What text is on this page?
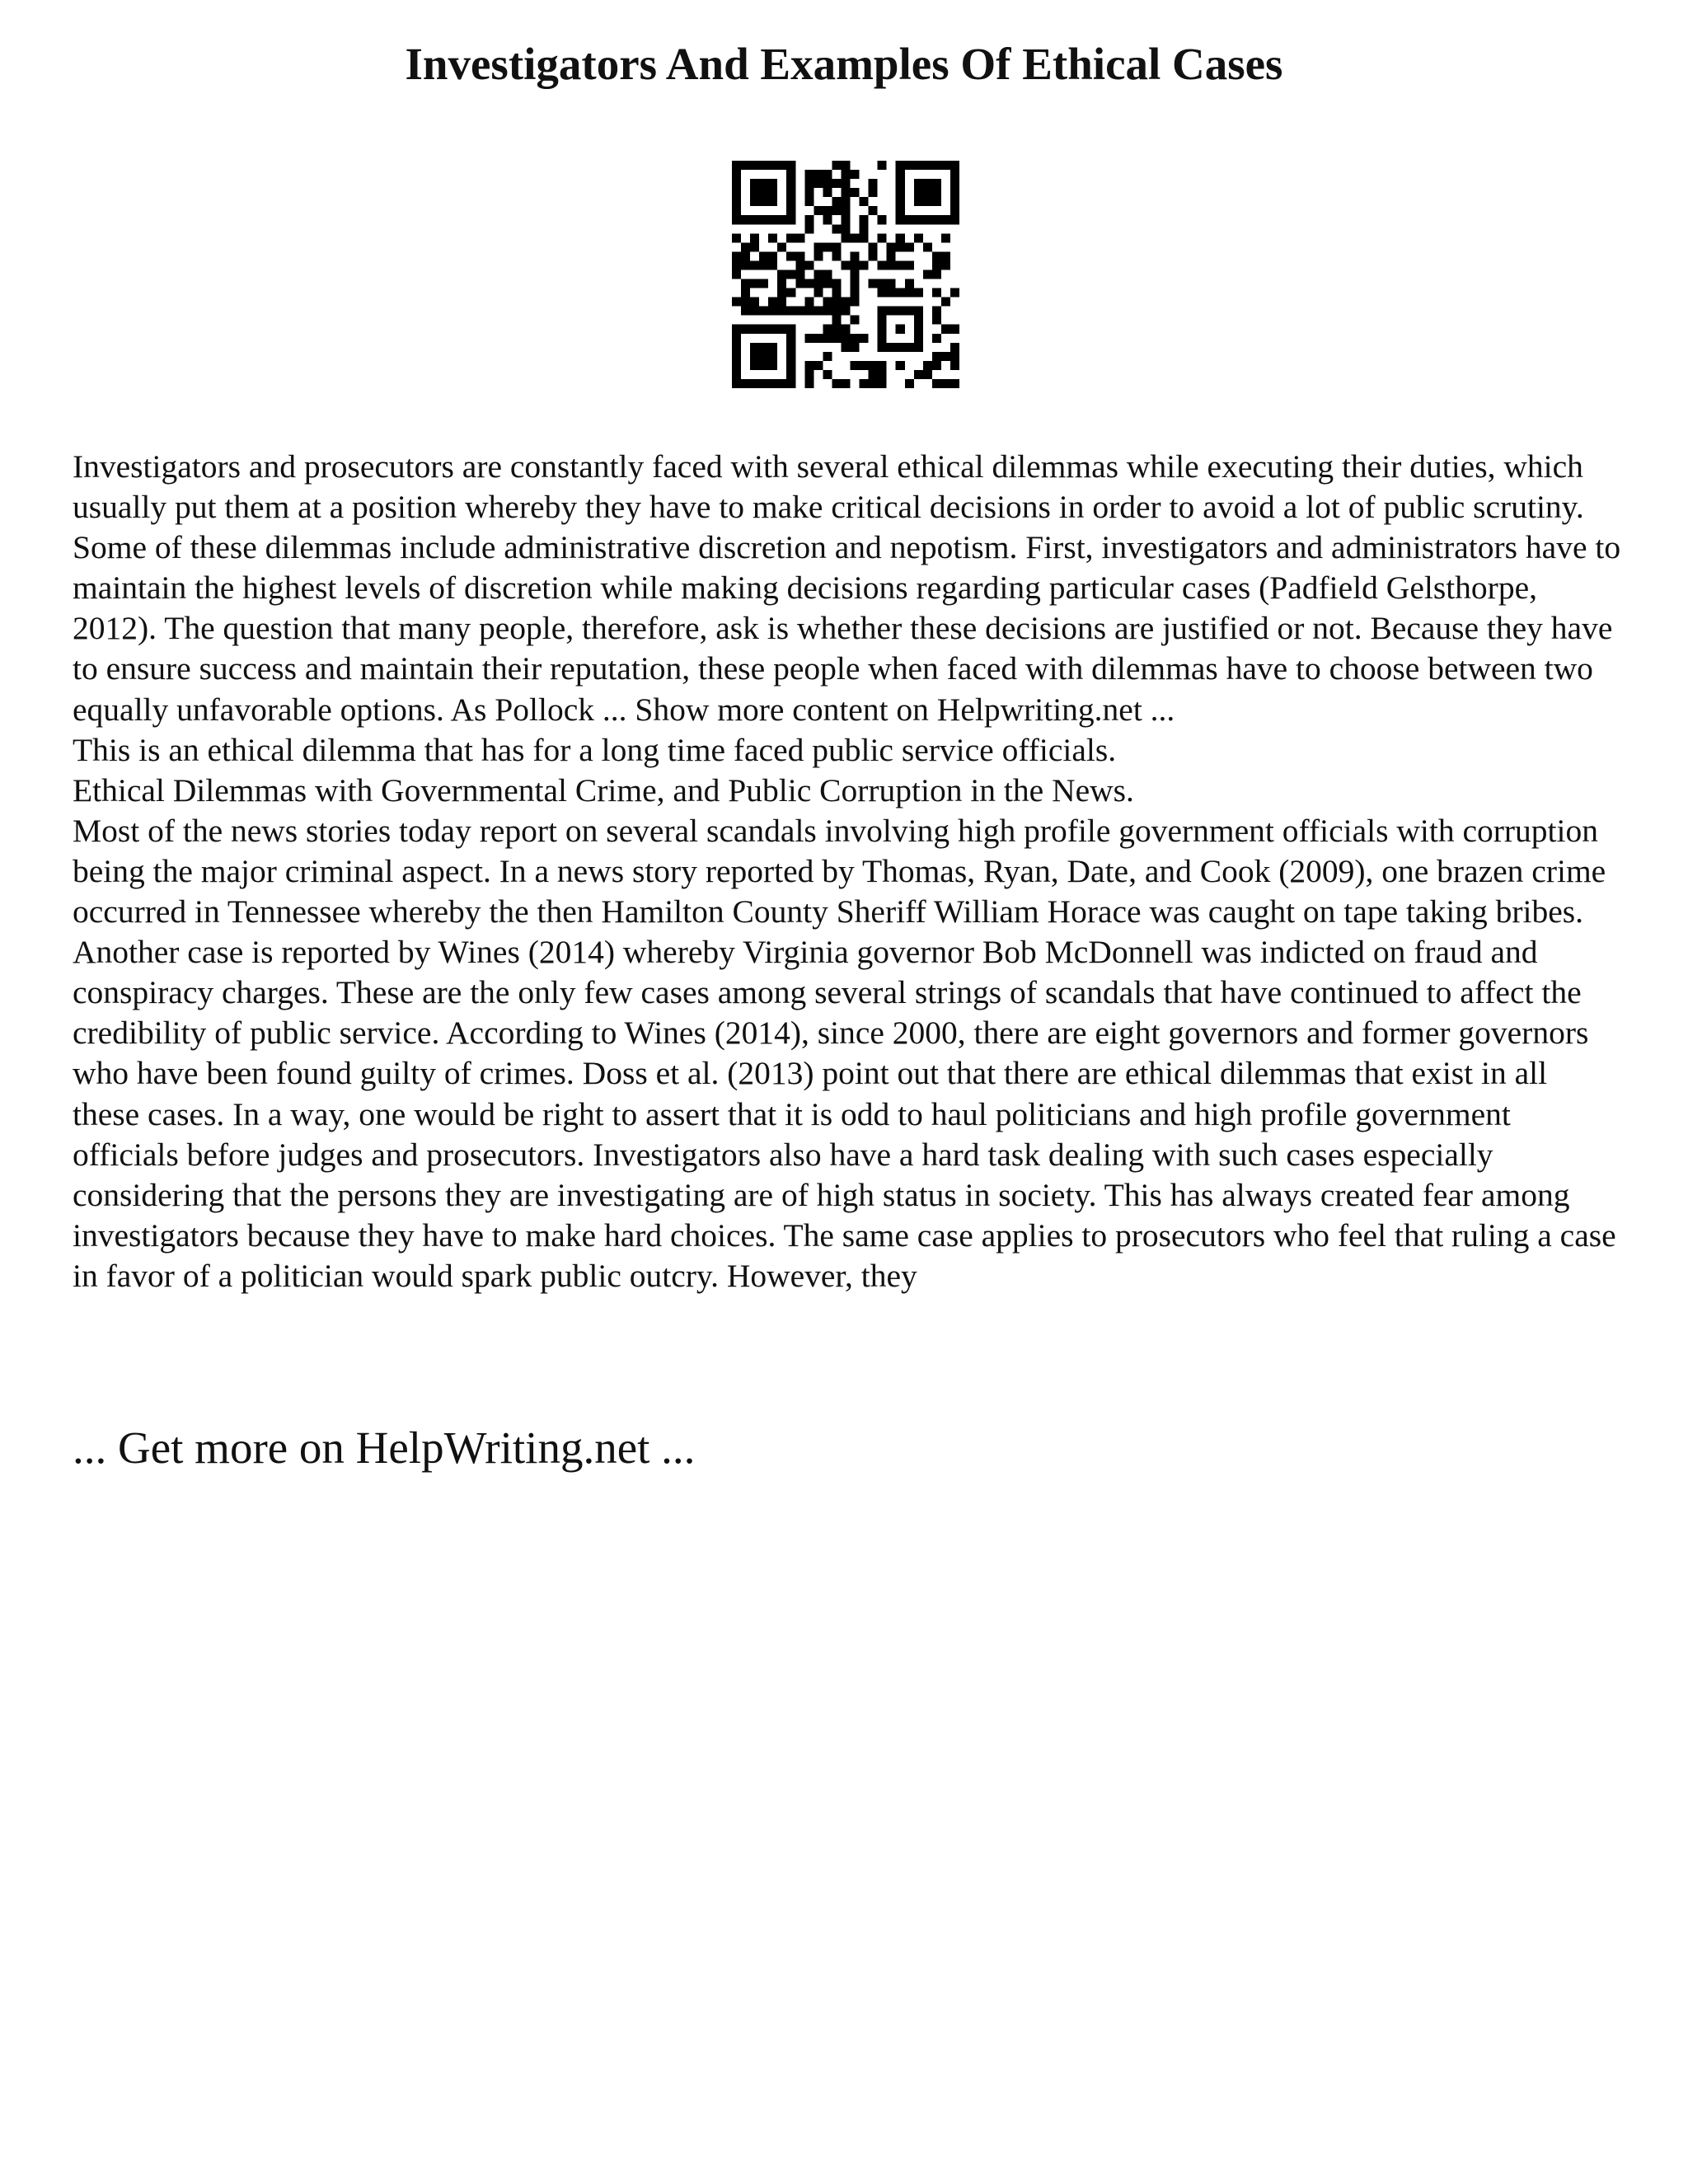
Investigators And Examples Of Ethical Cases

Investigators and prosecutors are constantly faced with several ethical dilemmas while executing their duties, which usually put them at a position whereby they have to make critical decisions in order to avoid a lot of public scrutiny. Some of these dilemmas include administrative discretion and nepotism. First, investigators and administrators have to maintain the highest levels of discretion while making decisions regarding particular cases (Padfield Gelsthorpe, 2012). The question that many people, therefore, ask is whether these decisions are justified or not. Because they have to ensure success and maintain their reputation, these people when faced with dilemmas have to choose between two equally unfavorable options. As Pollock ... Show more content on Helpwriting.net ...

This is an ethical dilemma that has for a long time faced public service officials.

Ethical Dilemmas with Governmental Crime, and Public Corruption in the News.

Most of the news stories today report on several scandals involving high profile government officials with corruption being the major criminal aspect. In a news story reported by Thomas, Ryan, Date, and Cook (2009), one brazen crime occurred in Tennessee whereby the then Hamilton County Sheriff William Horace was caught on tape taking bribes. Another case is reported by Wines (2014) whereby Virginia governor Bob McDonnell was indicted on fraud and conspiracy charges. These are the only few cases among several strings of scandals that have continued to affect the credibility of public service. According to Wines (2014), since 2000, there are eight governors and former governors who have been found guilty of crimes. Doss et al. (2013) point out that there are ethical dilemmas that exist in all these cases. In a way, one would be right to assert that it is odd to haul politicians and high profile government officials before judges and prosecutors. Investigators also have a hard task dealing with such cases especially considering that the persons they are investigating are of high status in society. This has always created fear among investigators because they have to make hard choices. The same case applies to prosecutors who feel that ruling a case in favor of a politician would spark public outcry. However, they

... Get more on HelpWriting.net ...
